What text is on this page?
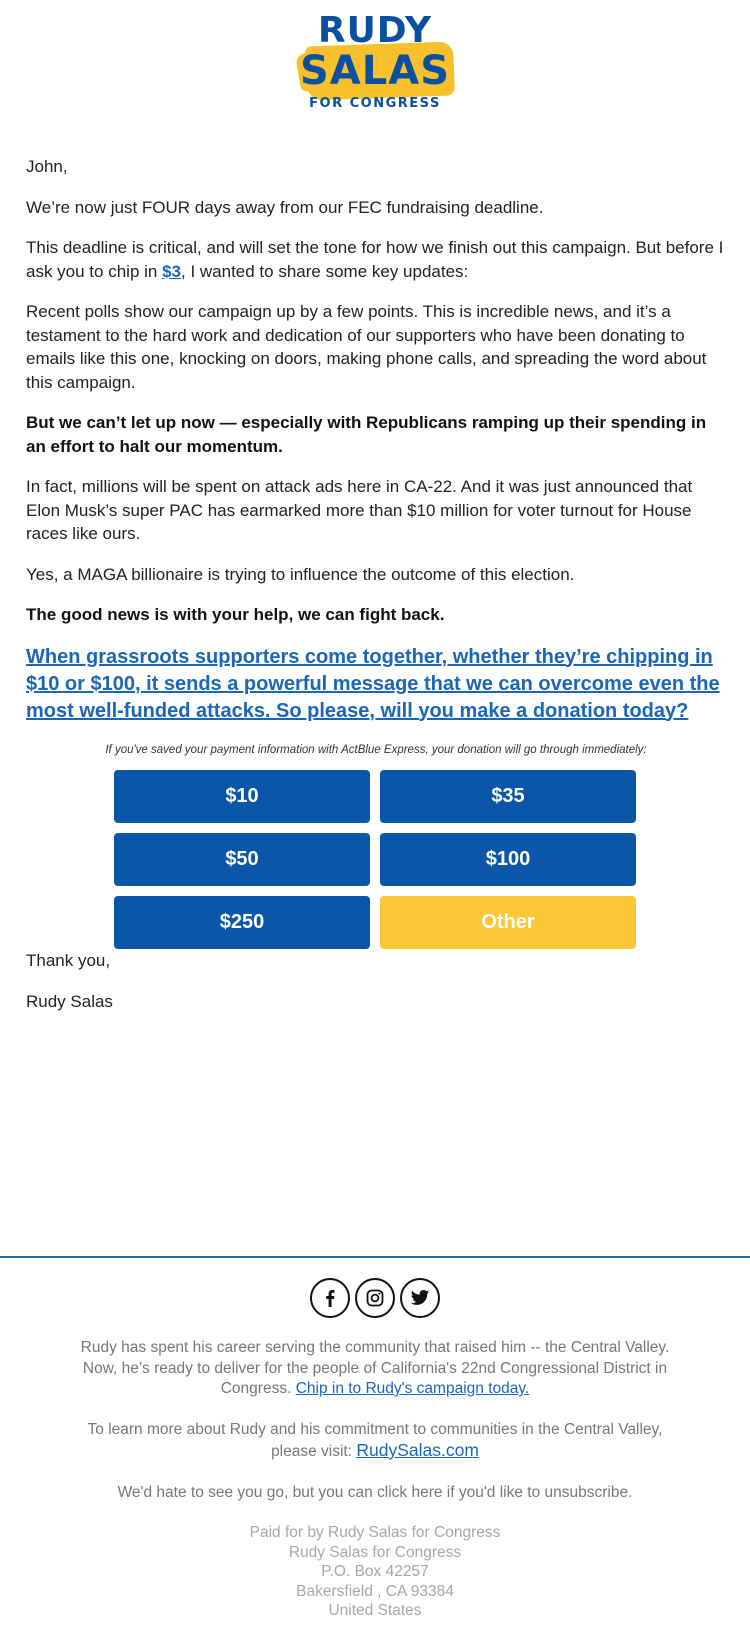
RUDY
SALAS
FOR CONGRESS

John,

We’re now just FOUR days away from our FEC fundraising deadline.

This deadline is critical, and will set the tone for how we finish out this campaign. But before I ask you to chip in $3, I wanted to share some key updates:

Recent polls show our campaign up by a few points. This is incredible news, and it’s a testament to the hard work and dedication of our supporters who have been donating to emails like this one, knocking on doors, making phone calls, and spreading the word about this campaign.

But we can’t let up now — especially with Republicans ramping up their spending in an effort to halt our momentum.

In fact, millions will be spent on attack ads here in CA-22. And it was just announced that Elon Musk’s super PAC has earmarked more than $10 million for voter turnout for House races like ours.

Yes, a MAGA billionaire is trying to influence the outcome of this election.

The good news is with your help, we can fight back.

When grassroots supporters come together, whether they’re chipping in $10 or $100, it sends a powerful message that we can overcome even the most well-funded attacks. So please, will you make a donation today?
If you've saved your payment information with ActBlue Express, your donation will go through immediately:
$10	$35
$50	$100
$250	Other

Thank you,

Rudy Salas

Rudy has spent his career serving the community that raised him -- the Central Valley. Now, he’s ready to deliver for the people of California's 22nd Congressional District in Congress. Chip in to Rudy's campaign today.

To learn more about Rudy and his commitment to communities in the Central Valley, please visit: RudySalas.com

We'd hate to see you go, but you can click here if you'd like to unsubscribe.

Paid for by Rudy Salas for Congress
Rudy Salas for Congress
P.O. Box 42257
Bakersfield , CA 93384
United States
